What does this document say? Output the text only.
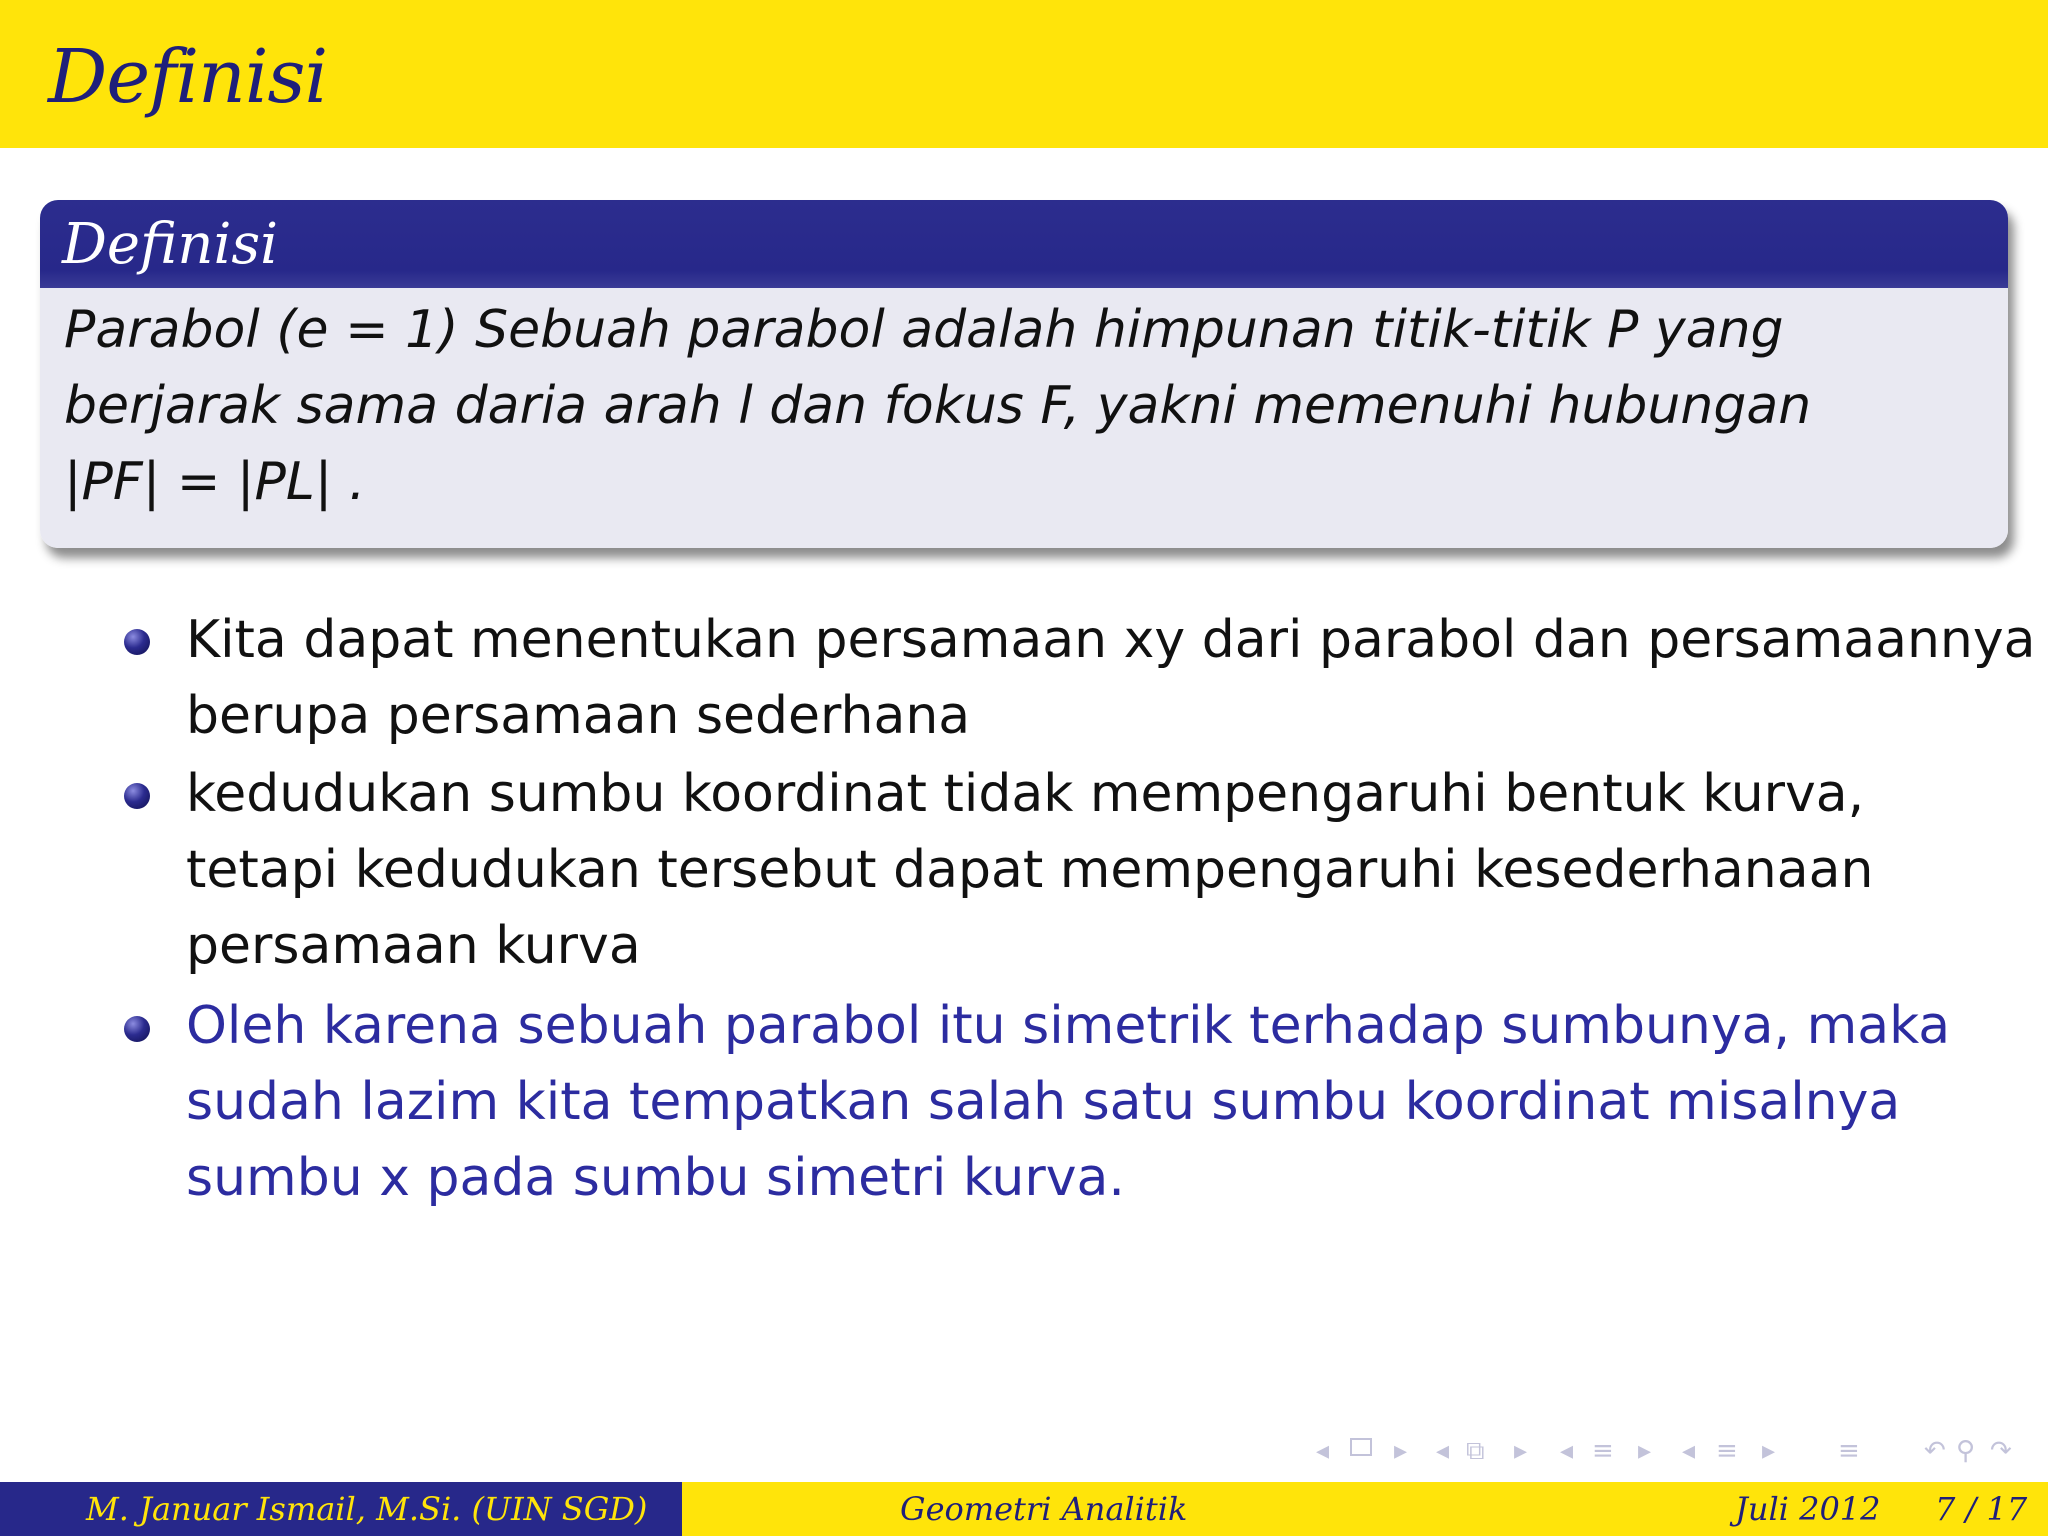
Definisi
Definisi
Parabol (e = 1) Sebuah parabol adalah himpunan titik-titik P yang
berjarak sama daria arah l dan fokus F, yakni memenuhi hubungan
|PF| = |PL| .
Kita dapat menentukan persamaan xy dari parabol dan persamaannya
berupa persamaan sederhana
kedudukan sumbu koordinat tidak mempengaruhi bentuk kurva,
tetapi kedudukan tersebut dapat mempengaruhi kesederhanaan
persamaan kurva
Oleh karena sebuah parabol itu simetrik terhadap sumbunya, maka
sudah lazim kita tempatkan salah satu sumbu koordinat misalnya
sumbu x pada sumbu simetri kurva.
◂ ▸ ◂ ⧉ ▸ ◂ ≡ ▸ ◂ ≡ ▸ ≡ ↶ ⚲ ↷
M. Januar Ismail, M.Si. (UIN SGD)	Geometri Analitik	Juli 2012 7 / 17
